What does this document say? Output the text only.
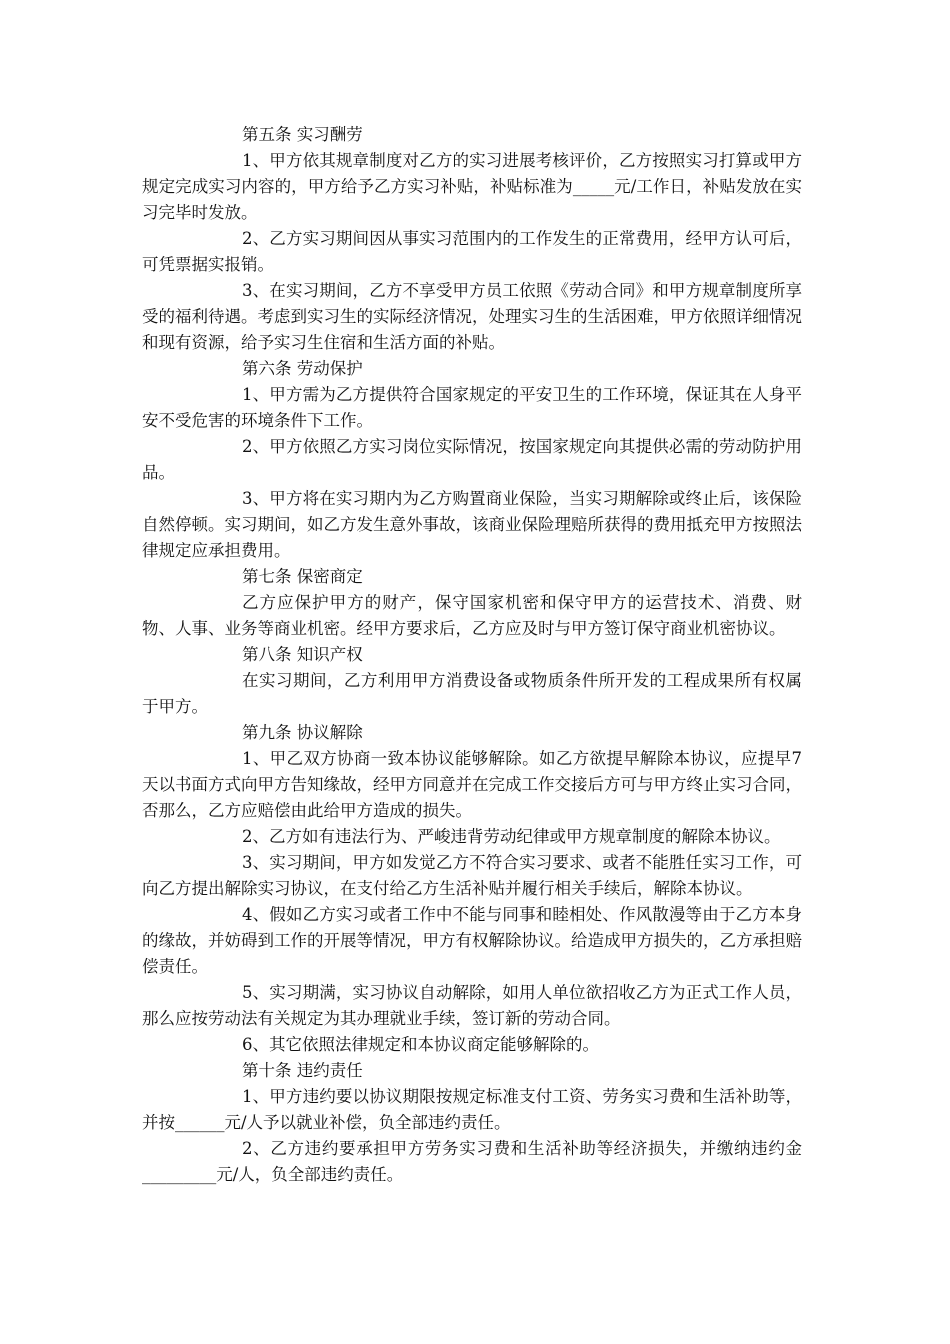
第五条 实习酬劳

1、甲方依其规章制度对乙方的实习进展考核评价，乙方按照实习打算或甲方规定完成实习内容的，甲方给予乙方实习补贴，补贴标准为_____元/工作日，补贴发放在实习完毕时发放。

2、乙方实习期间因从事实习范围内的工作发生的正常费用，经甲方认可后，可凭票据实报销。

3、在实习期间，乙方不享受甲方员工依照《劳动合同》和甲方规章制度所享受的福利待遇。考虑到实习生的实际经济情况，处理实习生的生活困难，甲方依照详细情况和现有资源，给予实习生住宿和生活方面的补贴。

第六条 劳动保护

1、甲方需为乙方提供符合国家规定的平安卫生的工作环境，保证其在人身平安不受危害的环境条件下工作。

2、甲方依照乙方实习岗位实际情况，按国家规定向其提供必需的劳动防护用品。

3、甲方将在实习期内为乙方购置商业保险，当实习期解除或终止后，该保险自然停顿。实习期间，如乙方发生意外事故，该商业保险理赔所获得的费用抵充甲方按照法律规定应承担费用。

第七条 保密商定

乙方应保护甲方的财产，保守国家机密和保守甲方的运营技术、消费、财物、人事、业务等商业机密。经甲方要求后，乙方应及时与甲方签订保守商业机密协议。

第八条 知识产权

在实习期间，乙方利用甲方消费设备或物质条件所开发的工程成果所有权属于甲方。

第九条 协议解除

1、甲乙双方协商一致本协议能够解除。如乙方欲提早解除本协议，应提早7天以书面方式向甲方告知缘故，经甲方同意并在完成工作交接后方可与甲方终止实习合同，否那么，乙方应赔偿由此给甲方造成的损失。

2、乙方如有违法行为、严峻违背劳动纪律或甲方规章制度的解除本协议。

3、实习期间，甲方如发觉乙方不符合实习要求、或者不能胜任实习工作，可向乙方提出解除实习协议，在支付给乙方生活补贴并履行相关手续后，解除本协议。

4、假如乙方实习或者工作中不能与同事和睦相处、作风散漫等由于乙方本身的缘故，并妨碍到工作的开展等情况，甲方有权解除协议。给造成甲方损失的，乙方承担赔偿责任。

5、实习期满，实习协议自动解除，如用人单位欲招收乙方为正式工作人员，那么应按劳动法有关规定为其办理就业手续，签订新的劳动合同。

6、其它依照法律规定和本协议商定能够解除的。

第十条 违约责任

1、甲方违约要以协议期限按规定标准支付工资、劳务实习费和生活补助等，并按______元/人予以就业补偿，负全部违约责任。

2、乙方违约要承担甲方劳务实习费和生活补助等经济损失，并缴纳违约金_________元/人，负全部违约责任。
